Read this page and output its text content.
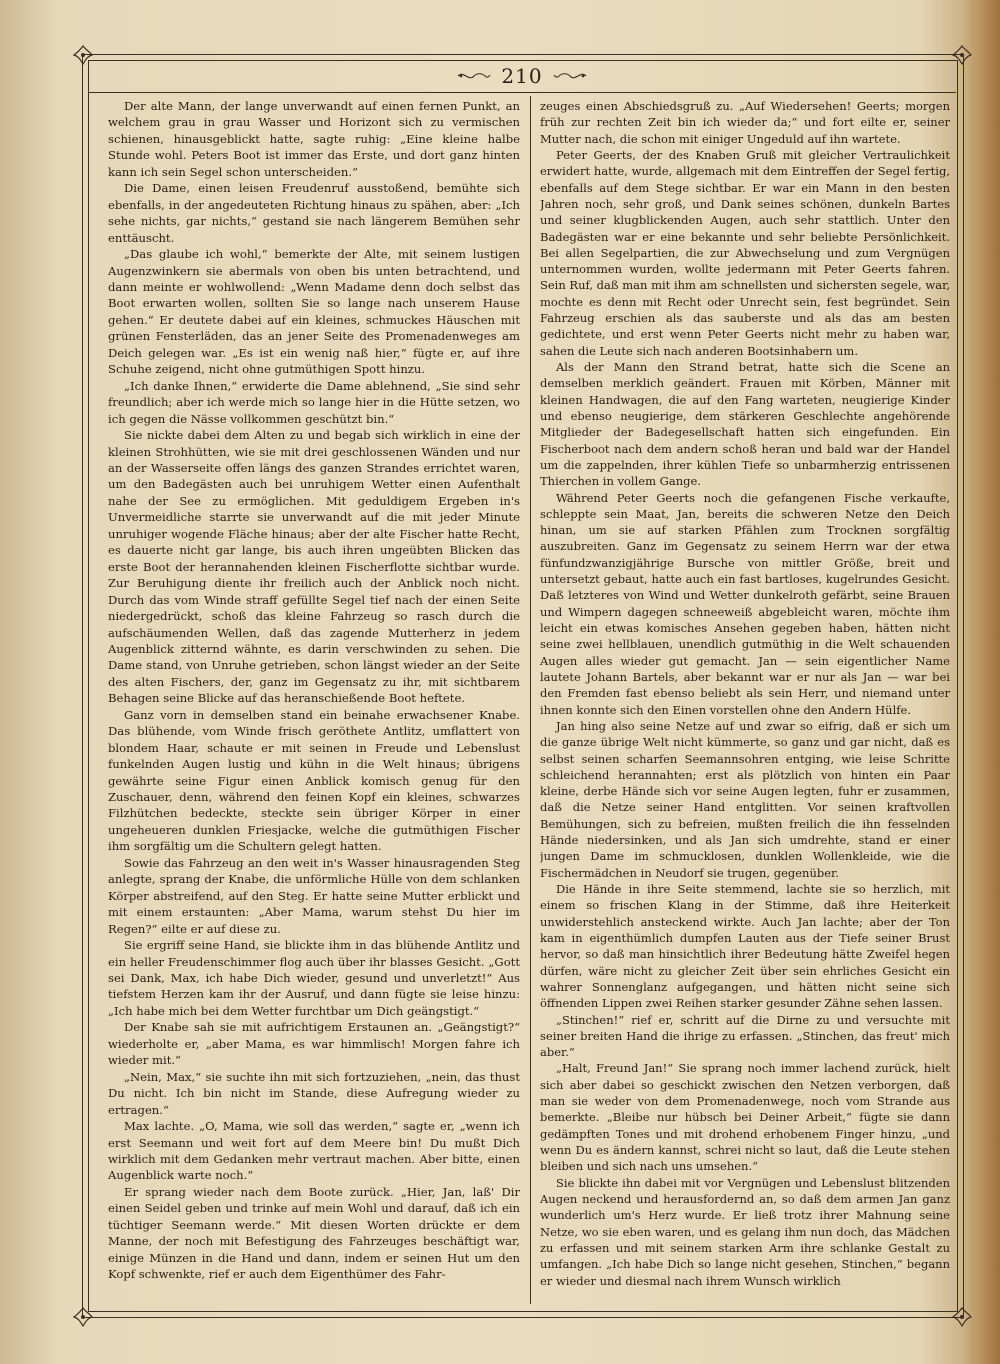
210

Der alte Mann, der lange unverwandt auf einen fernen Punkt, an welchem grau in grau Wasser und Horizont sich zu vermischen schienen, hinausgeblickt hatte, sagte ruhig: „Eine kleine halbe Stunde wohl. Peters Boot ist immer das Erste, und dort ganz hinten kann ich sein Segel schon unterscheiden.“

Die Dame, einen leisen Freudenruf ausstoßend, bemühte sich ebenfalls, in der angedeuteten Richtung hinaus zu spähen, aber: „Ich sehe nichts, gar nichts,“ gestand sie nach längerem Bemühen sehr enttäuscht.

„Das glaube ich wohl,“ bemerkte der Alte, mit seinem lustigen Augenzwinkern sie abermals von oben bis unten betrachtend, und dann meinte er wohlwollend: „Wenn Madame denn doch selbst das Boot erwarten wollen, sollten Sie so lange nach unserem Hause gehen.“ Er deutete dabei auf ein kleines, schmuckes Häuschen mit grünen Fensterläden, das an jener Seite des Promenadenweges am Deich gelegen war. „Es ist ein wenig naß hier,“ fügte er, auf ihre Schuhe zeigend, nicht ohne gutmüthigen Spott hinzu.

„Ich danke Ihnen,“ erwiderte die Dame ablehnend, „Sie sind sehr freundlich; aber ich werde mich so lange hier in die Hütte setzen, wo ich gegen die Nässe vollkommen geschützt bin.“

Sie nickte dabei dem Alten zu und begab sich wirklich in eine der kleinen Strohhütten, wie sie mit drei geschlossenen Wänden und nur an der Wasserseite offen längs des ganzen Strandes errichtet waren, um den Badegästen auch bei unruhigem Wetter einen Aufenthalt nahe der See zu ermöglichen. Mit geduldigem Ergeben in's Unvermeidliche starrte sie unverwandt auf die mit jeder Minute unruhiger wogende Fläche hinaus; aber der alte Fischer hatte Recht, es dauerte nicht gar lange, bis auch ihren ungeübten Blicken das erste Boot der herannahenden kleinen Fischerflotte sichtbar wurde. Zur Beruhigung diente ihr freilich auch der Anblick noch nicht. Durch das vom Winde straff gefüllte Segel tief nach der einen Seite niedergedrückt, schoß das kleine Fahrzeug so rasch durch die aufschäumenden Wellen, daß das zagende Mutterherz in jedem Augenblick zitternd wähnte, es darin verschwinden zu sehen. Die Dame stand, von Unruhe getrieben, schon längst wieder an der Seite des alten Fischers, der, ganz im Gegensatz zu ihr, mit sichtbarem Behagen seine Blicke auf das heranschießende Boot heftete.

Ganz vorn in demselben stand ein beinahe erwachsener Knabe. Das blühende, vom Winde frisch geröthete Antlitz, umflattert von blondem Haar, schaute er mit seinen in Freude und Lebenslust funkelnden Augen lustig und kühn in die Welt hinaus; übrigens gewährte seine Figur einen Anblick komisch genug für den Zuschauer, denn, während den feinen Kopf ein kleines, schwarzes Filzhütchen bedeckte, steckte sein übriger Körper in einer ungeheueren dunklen Friesjacke, welche die gutmüthigen Fischer ihm sorgfältig um die Schultern gelegt hatten.

Sowie das Fahrzeug an den weit in's Wasser hinausragenden Steg anlegte, sprang der Knabe, die unförmliche Hülle von dem schlanken Körper abstreifend, auf den Steg. Er hatte seine Mutter erblickt und mit einem erstaunten: „Aber Mama, warum stehst Du hier im Regen?“ eilte er auf diese zu.

Sie ergriff seine Hand, sie blickte ihm in das blühende Antlitz und ein heller Freudenschimmer flog auch über ihr blasses Gesicht. „Gott sei Dank, Max, ich habe Dich wieder, gesund und unverletzt!“ Aus tiefstem Herzen kam ihr der Ausruf, und dann fügte sie leise hinzu: „Ich habe mich bei dem Wetter furchtbar um Dich geängstigt.“

Der Knabe sah sie mit aufrichtigem Erstaunen an. „Geängstigt?“ wiederholte er, „aber Mama, es war himmlisch! Morgen fahre ich wieder mit.“

„Nein, Max,“ sie suchte ihn mit sich fortzuziehen, „nein, das thust Du nicht. Ich bin nicht im Stande, diese Aufregung wieder zu ertragen.“

Max lachte. „O, Mama, wie soll das werden,“ sagte er, „wenn ich erst Seemann und weit fort auf dem Meere bin! Du mußt Dich wirklich mit dem Gedanken mehr vertraut machen. Aber bitte, einen Augenblick warte noch.“

Er sprang wieder nach dem Boote zurück. „Hier, Jan, laß' Dir einen Seidel geben und trinke auf mein Wohl und darauf, daß ich ein tüchtiger Seemann werde.“ Mit diesen Worten drückte er dem Manne, der noch mit Befestigung des Fahrzeuges beschäftigt war, einige Münzen in die Hand und dann, indem er seinen Hut um den Kopf schwenkte, rief er auch dem Eigenthümer des Fahr-

zeuges einen Abschiedsgruß zu. „Auf Wiedersehen! Geerts; morgen früh zur rechten Zeit bin ich wieder da;“ und fort eilte er, seiner Mutter nach, die schon mit einiger Ungeduld auf ihn wartete.

Peter Geerts, der des Knaben Gruß mit gleicher Vertraulichkeit erwidert hatte, wurde, allgemach mit dem Eintreffen der Segel fertig, ebenfalls auf dem Stege sichtbar. Er war ein Mann in den besten Jahren noch, sehr groß, und Dank seines schönen, dunkeln Bartes und seiner klugblickenden Augen, auch sehr stattlich. Unter den Badegästen war er eine bekannte und sehr beliebte Persönlichkeit. Bei allen Segelpartien, die zur Abwechselung und zum Vergnügen unternommen wurden, wollte jedermann mit Peter Geerts fahren. Sein Ruf, daß man mit ihm am schnellsten und sichersten segele, war, mochte es denn mit Recht oder Unrecht sein, fest begründet. Sein Fahrzeug erschien als das sauberste und als das am besten gedichtete, und erst wenn Peter Geerts nicht mehr zu haben war, sahen die Leute sich nach anderen Bootsinhabern um.

Als der Mann den Strand betrat, hatte sich die Scene an demselben merklich geändert. Frauen mit Körben, Männer mit kleinen Handwagen, die auf den Fang warteten, neugierige Kinder und ebenso neugierige, dem stärkeren Geschlechte angehörende Mitglieder der Badegesellschaft hatten sich eingefunden. Ein Fischerboot nach dem andern schoß heran und bald war der Handel um die zappelnden, ihrer kühlen Tiefe so unbarmherzig entrissenen Thierchen in vollem Gange.

Während Peter Geerts noch die gefangenen Fische verkaufte, schleppte sein Maat, Jan, bereits die schweren Netze den Deich hinan, um sie auf starken Pfählen zum Trocknen sorgfältig auszubreiten. Ganz im Gegensatz zu seinem Herrn war der etwa fünfundzwanzigjährige Bursche von mittler Größe, breit und untersetzt gebaut, hatte auch ein fast bartloses, kugelrundes Gesicht. Daß letzteres von Wind und Wetter dunkelroth gefärbt, seine Brauen und Wimpern dagegen schneeweiß abgebleicht waren, möchte ihm leicht ein etwas komisches Ansehen gegeben haben, hätten nicht seine zwei hellblauen, unendlich gutmüthig in die Welt schauenden Augen alles wieder gut gemacht. Jan — sein eigentlicher Name lautete Johann Bartels, aber bekannt war er nur als Jan — war bei den Fremden fast ebenso beliebt als sein Herr, und niemand unter ihnen konnte sich den Einen vorstellen ohne den Andern Hülfe.

Jan hing also seine Netze auf und zwar so eifrig, daß er sich um die ganze übrige Welt nicht kümmerte, so ganz und gar nicht, daß es selbst seinen scharfen Seemannsohren entging, wie leise Schritte schleichend herannahten; erst als plötzlich von hinten ein Paar kleine, derbe Hände sich vor seine Augen legten, fuhr er zusammen, daß die Netze seiner Hand entglitten. Vor seinen kraftvollen Bemühungen, sich zu befreien, mußten freilich die ihn fesselnden Hände niedersinken, und als Jan sich umdrehte, stand er einer jungen Dame im schmucklosen, dunklen Wollenkleide, wie die Fischermädchen in Neudorf sie trugen, gegenüber.

Die Hände in ihre Seite stemmend, lachte sie so herzlich, mit einem so frischen Klang in der Stimme, daß ihre Heiterkeit unwiderstehlich ansteckend wirkte. Auch Jan lachte; aber der Ton kam in eigenthümlich dumpfen Lauten aus der Tiefe seiner Brust hervor, so daß man hinsichtlich ihrer Bedeutung hätte Zweifel hegen dürfen, wäre nicht zu gleicher Zeit über sein ehrliches Gesicht ein wahrer Sonnenglanz aufgegangen, und hätten nicht seine sich öffnenden Lippen zwei Reihen starker gesunder Zähne sehen lassen.

„Stinchen!“ rief er, schritt auf die Dirne zu und versuchte mit seiner breiten Hand die ihrige zu erfassen. „Stinchen, das freut' mich aber.“

„Halt, Freund Jan!“ Sie sprang noch immer lachend zurück, hielt sich aber dabei so geschickt zwischen den Netzen verborgen, daß man sie weder von dem Promenadenwege, noch vom Strande aus bemerkte. „Bleibe nur hübsch bei Deiner Arbeit,“ fügte sie dann gedämpften Tones und mit drohend erhobenem Finger hinzu, „und wenn Du es ändern kannst, schrei nicht so laut, daß die Leute stehen bleiben und sich nach uns umsehen.“

Sie blickte ihn dabei mit vor Vergnügen und Lebenslust blitzenden Augen neckend und herausfordernd an, so daß dem armen Jan ganz wunderlich um's Herz wurde. Er ließ trotz ihrer Mahnung seine Netze, wo sie eben waren, und es gelang ihm nun doch, das Mädchen zu erfassen und mit seinem starken Arm ihre schlanke Gestalt zu umfangen. „Ich habe Dich so lange nicht gesehen, Stinchen,“ begann er wieder und diesmal nach ihrem Wunsch wirklich
